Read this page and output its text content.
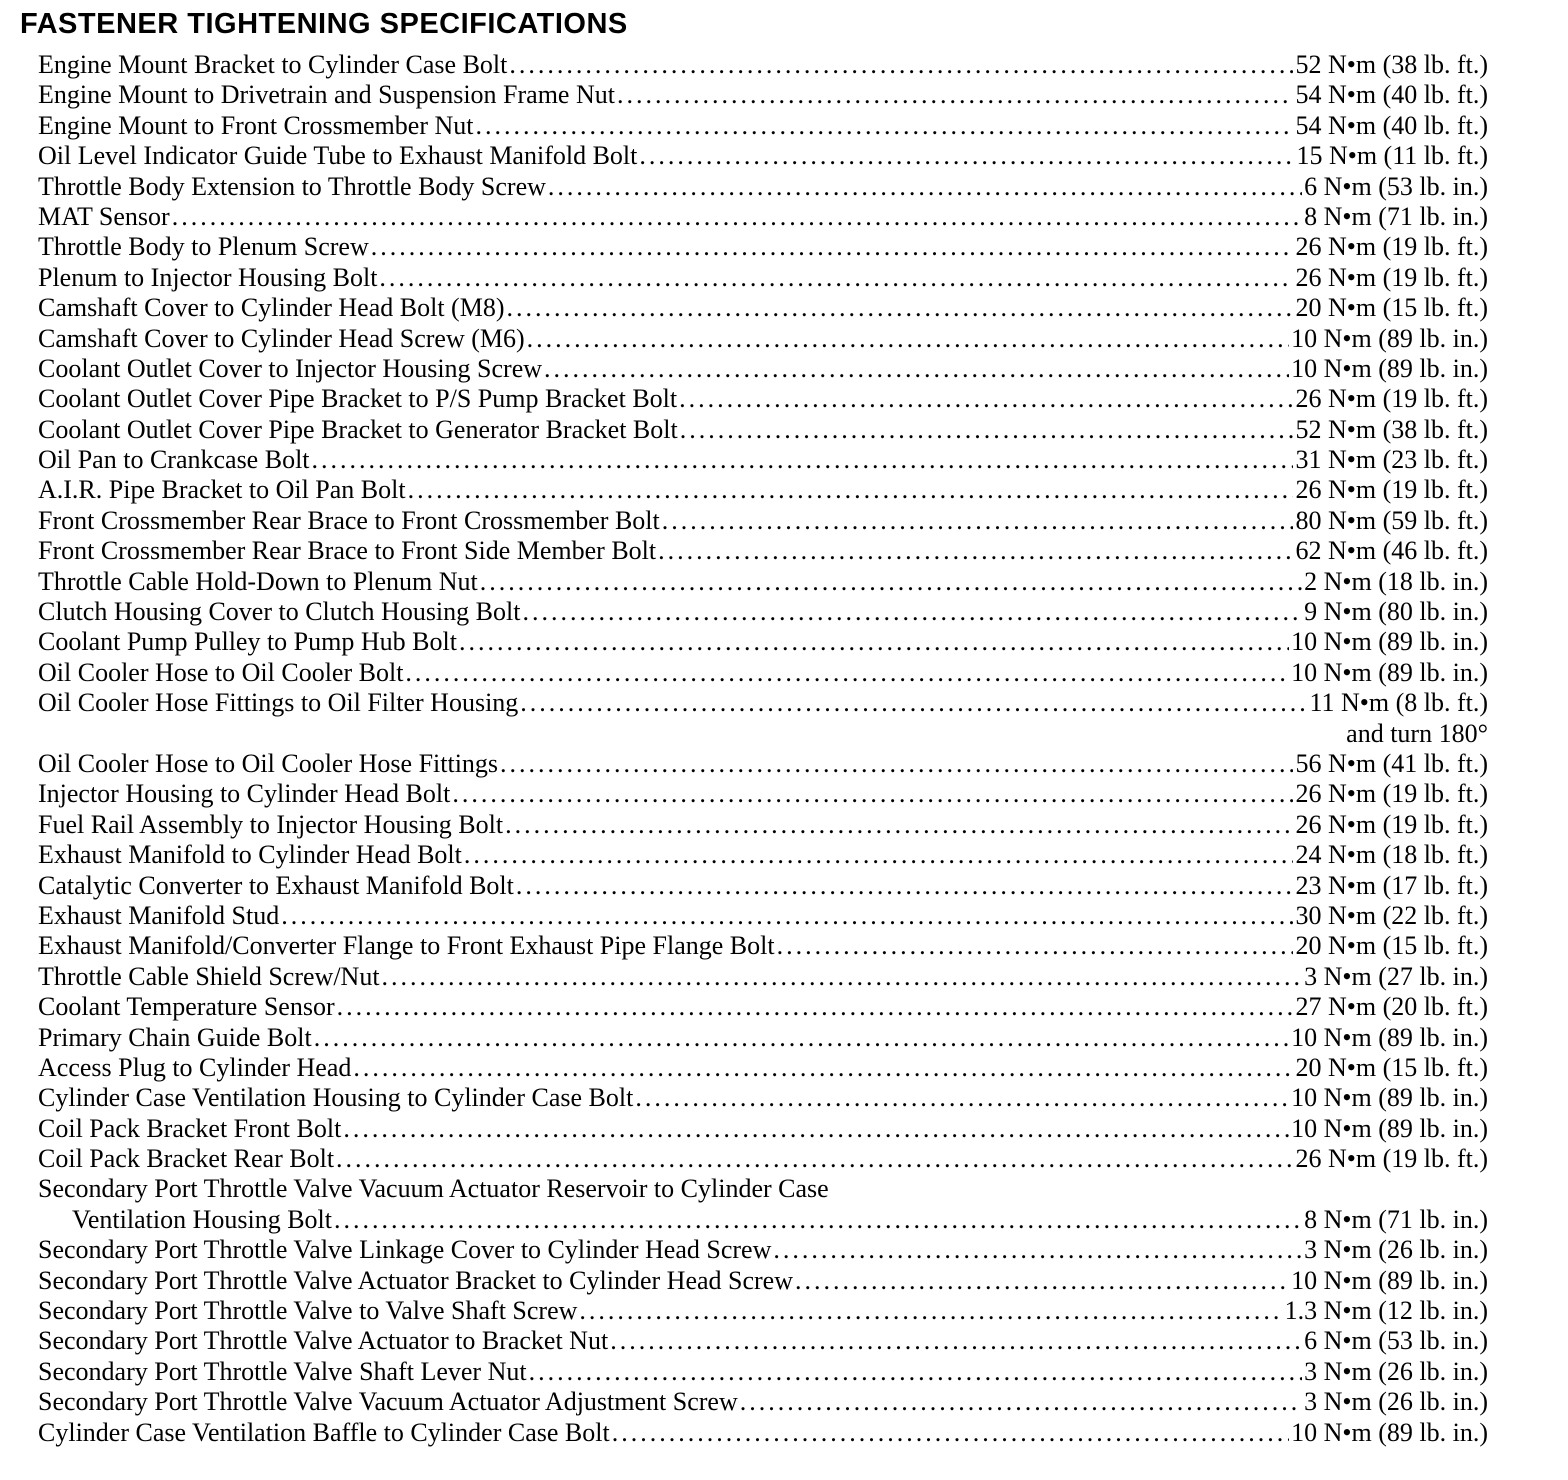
FASTENER TIGHTENING SPECIFICATIONS
Engine Mount Bracket to Cylinder Case Bolt .....	52 N•m (38 lb. ft.)
Engine Mount to Drivetrain and Suspension Frame Nut .....	54 N•m (40 lb. ft.)
Engine Mount to Front Crossmember Nut .....	54 N•m (40 lb. ft.)
Oil Level Indicator Guide Tube to Exhaust Manifold Bolt .....	15 N•m (11 lb. ft.)
Throttle Body Extension to Throttle Body Screw .....	6 N•m (53 lb. in.)
MAT Sensor .....	8 N•m (71 lb. in.)
Throttle Body to Plenum Screw .....	26 N•m (19 lb. ft.)
Plenum to Injector Housing Bolt .....	26 N•m (19 lb. ft.)
Camshaft Cover to Cylinder Head Bolt (M8) .....	20 N•m (15 lb. ft.)
Camshaft Cover to Cylinder Head Screw (M6) .....	10 N•m (89 lb. in.)
Coolant Outlet Cover to Injector Housing Screw .....	10 N•m (89 lb. in.)
Coolant Outlet Cover Pipe Bracket to P/S Pump Bracket Bolt .....	26 N•m (19 lb. ft.)
Coolant Outlet Cover Pipe Bracket to Generator Bracket Bolt .....	52 N•m (38 lb. ft.)
Oil Pan to Crankcase Bolt .....	31 N•m (23 lb. ft.)
A.I.R. Pipe Bracket to Oil Pan Bolt .....	26 N•m (19 lb. ft.)
Front Crossmember Rear Brace to Front Crossmember Bolt .....	80 N•m (59 lb. ft.)
Front Crossmember Rear Brace to Front Side Member Bolt .....	62 N•m (46 lb. ft.)
Throttle Cable Hold-Down to Plenum Nut .....	2 N•m (18 lb. in.)
Clutch Housing Cover to Clutch Housing Bolt .....	9 N•m (80 lb. in.)
Coolant Pump Pulley to Pump Hub Bolt .....	10 N•m (89 lb. in.)
Oil Cooler Hose to Oil Cooler Bolt .....	10 N•m (89 lb. in.)
Oil Cooler Hose Fittings to Oil Filter Housing .....	11 N•m (8 lb. ft.)
and turn 180°
Oil Cooler Hose to Oil Cooler Hose Fittings .....	56 N•m (41 lb. ft.)
Injector Housing to Cylinder Head Bolt .....	26 N•m (19 lb. ft.)
Fuel Rail Assembly to Injector Housing Bolt .....	26 N•m (19 lb. ft.)
Exhaust Manifold to Cylinder Head Bolt .....	24 N•m (18 lb. ft.)
Catalytic Converter to Exhaust Manifold Bolt .....	23 N•m (17 lb. ft.)
Exhaust Manifold Stud .....	30 N•m (22 lb. ft.)
Exhaust Manifold/Converter Flange to Front Exhaust Pipe Flange Bolt .....	20 N•m (15 lb. ft.)
Throttle Cable Shield Screw/Nut .....	3 N•m (27 lb. in.)
Coolant Temperature Sensor .....	27 N•m (20 lb. ft.)
Primary Chain Guide Bolt .....	10 N•m (89 lb. in.)
Access Plug to Cylinder Head .....	20 N•m (15 lb. ft.)
Cylinder Case Ventilation Housing to Cylinder Case Bolt .....	10 N•m (89 lb. in.)
Coil Pack Bracket Front Bolt .....	10 N•m (89 lb. in.)
Coil Pack Bracket Rear Bolt .....	26 N•m (19 lb. ft.)
Secondary Port Throttle Valve Vacuum Actuator Reservoir to Cylinder Case
Ventilation Housing Bolt .....	8 N•m (71 lb. in.)
Secondary Port Throttle Valve Linkage Cover to Cylinder Head Screw .....	3 N•m (26 lb. in.)
Secondary Port Throttle Valve Actuator Bracket to Cylinder Head Screw .....	10 N•m (89 lb. in.)
Secondary Port Throttle Valve to Valve Shaft Screw .....	1.3 N•m (12 lb. in.)
Secondary Port Throttle Valve Actuator to Bracket Nut .....	6 N•m (53 lb. in.)
Secondary Port Throttle Valve Shaft Lever Nut .....	3 N•m (26 lb. in.)
Secondary Port Throttle Valve Vacuum Actuator Adjustment Screw .....	3 N•m (26 lb. in.)
Cylinder Case Ventilation Baffle to Cylinder Case Bolt .....	10 N•m (89 lb. in.)
